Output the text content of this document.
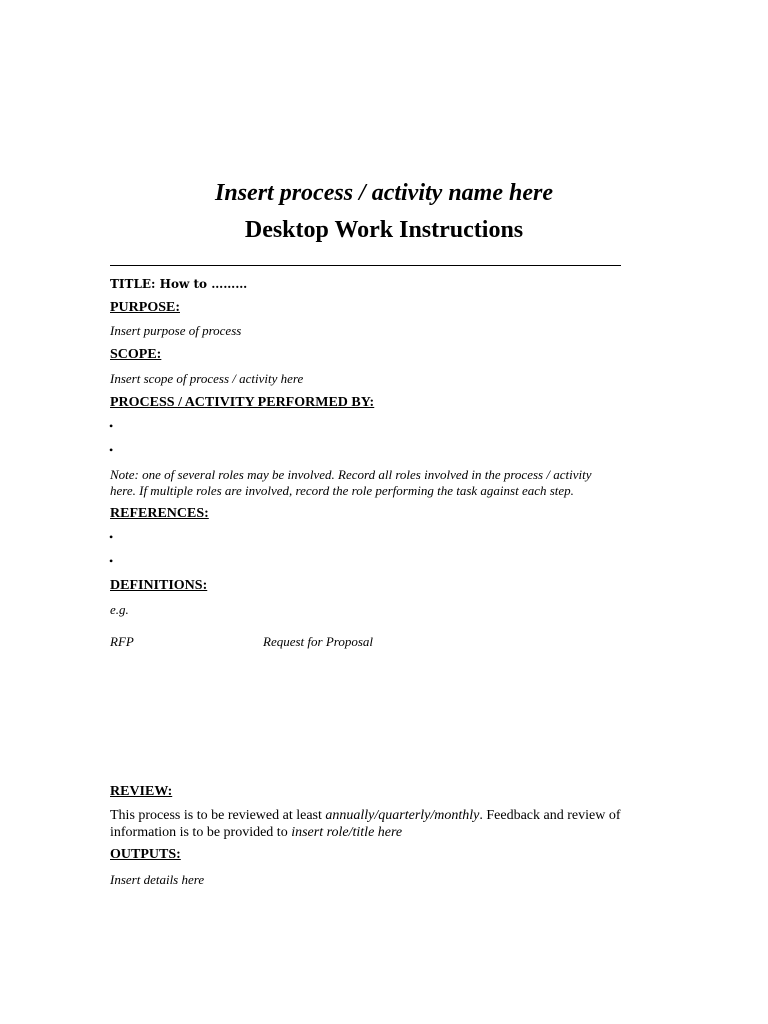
Insert process / activity name here
Desktop Work Instructions

TITLE: How to ………

PURPOSE:

Insert purpose of process

SCOPE:

Insert scope of process / activity here

PROCESS / ACTIVITY PERFORMED BY:

•
•

Note: one of several roles may be involved. Record all roles involved in the process / activity
here. If multiple roles are involved, record the role performing the task against each step.

REFERENCES:

•
•

DEFINITIONS:

e.g.

RFP	Request for Proposal

REVIEW:

This process is to be reviewed at least annually/quarterly/monthly. Feedback and review of
information is to be provided to insert role/title here

OUTPUTS:

Insert details here
